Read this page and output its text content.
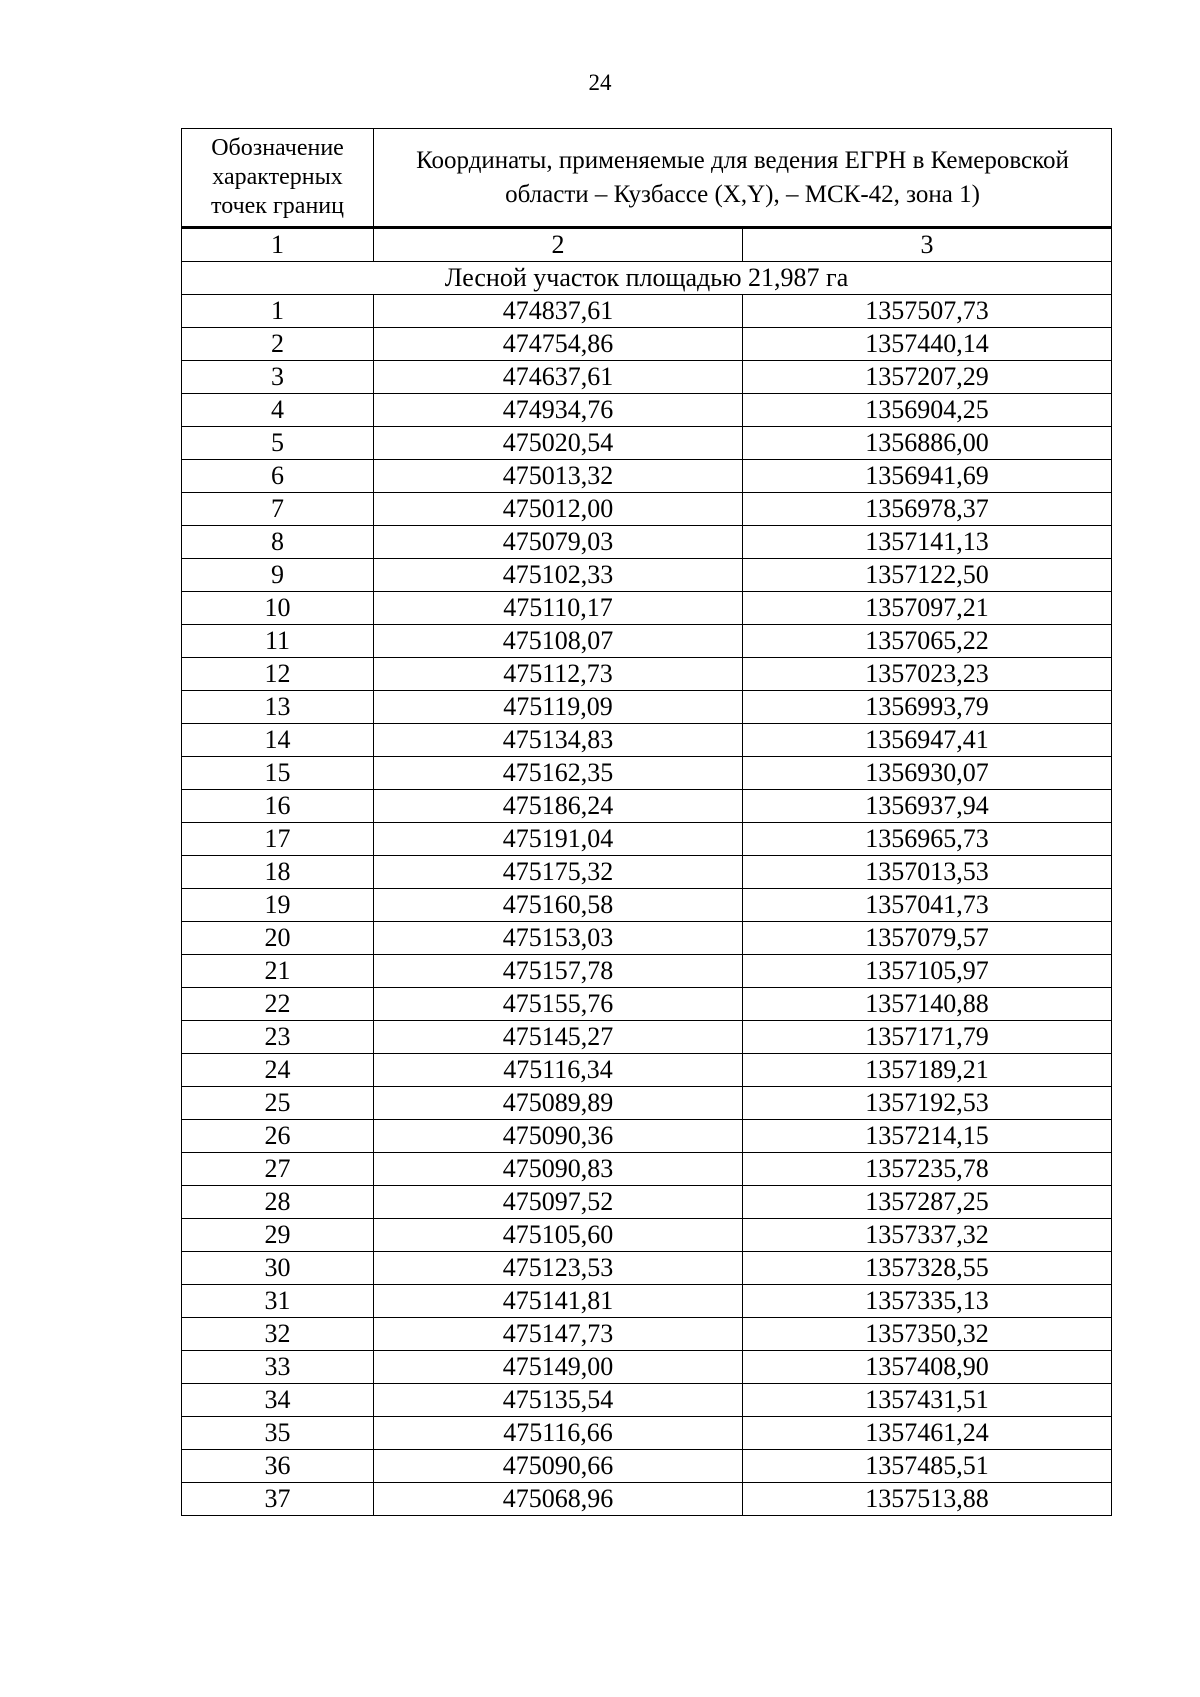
24
Обозначение характерных точек границ	Координаты, применяемые для ведения ЕГРН в Кемеровской области – Кузбассе (X,Y), – МСК-42, зона 1)	
1	2	3
Лесной участок площадью 21,987 га		
1	474837,61	1357507,73
2	474754,86	1357440,14
3	474637,61	1357207,29
4	474934,76	1356904,25
5	475020,54	1356886,00
6	475013,32	1356941,69
7	475012,00	1356978,37
8	475079,03	1357141,13
9	475102,33	1357122,50
10	475110,17	1357097,21
11	475108,07	1357065,22
12	475112,73	1357023,23
13	475119,09	1356993,79
14	475134,83	1356947,41
15	475162,35	1356930,07
16	475186,24	1356937,94
17	475191,04	1356965,73
18	475175,32	1357013,53
19	475160,58	1357041,73
20	475153,03	1357079,57
21	475157,78	1357105,97
22	475155,76	1357140,88
23	475145,27	1357171,79
24	475116,34	1357189,21
25	475089,89	1357192,53
26	475090,36	1357214,15
27	475090,83	1357235,78
28	475097,52	1357287,25
29	475105,60	1357337,32
30	475123,53	1357328,55
31	475141,81	1357335,13
32	475147,73	1357350,32
33	475149,00	1357408,90
34	475135,54	1357431,51
35	475116,66	1357461,24
36	475090,66	1357485,51
37	475068,96	1357513,88
